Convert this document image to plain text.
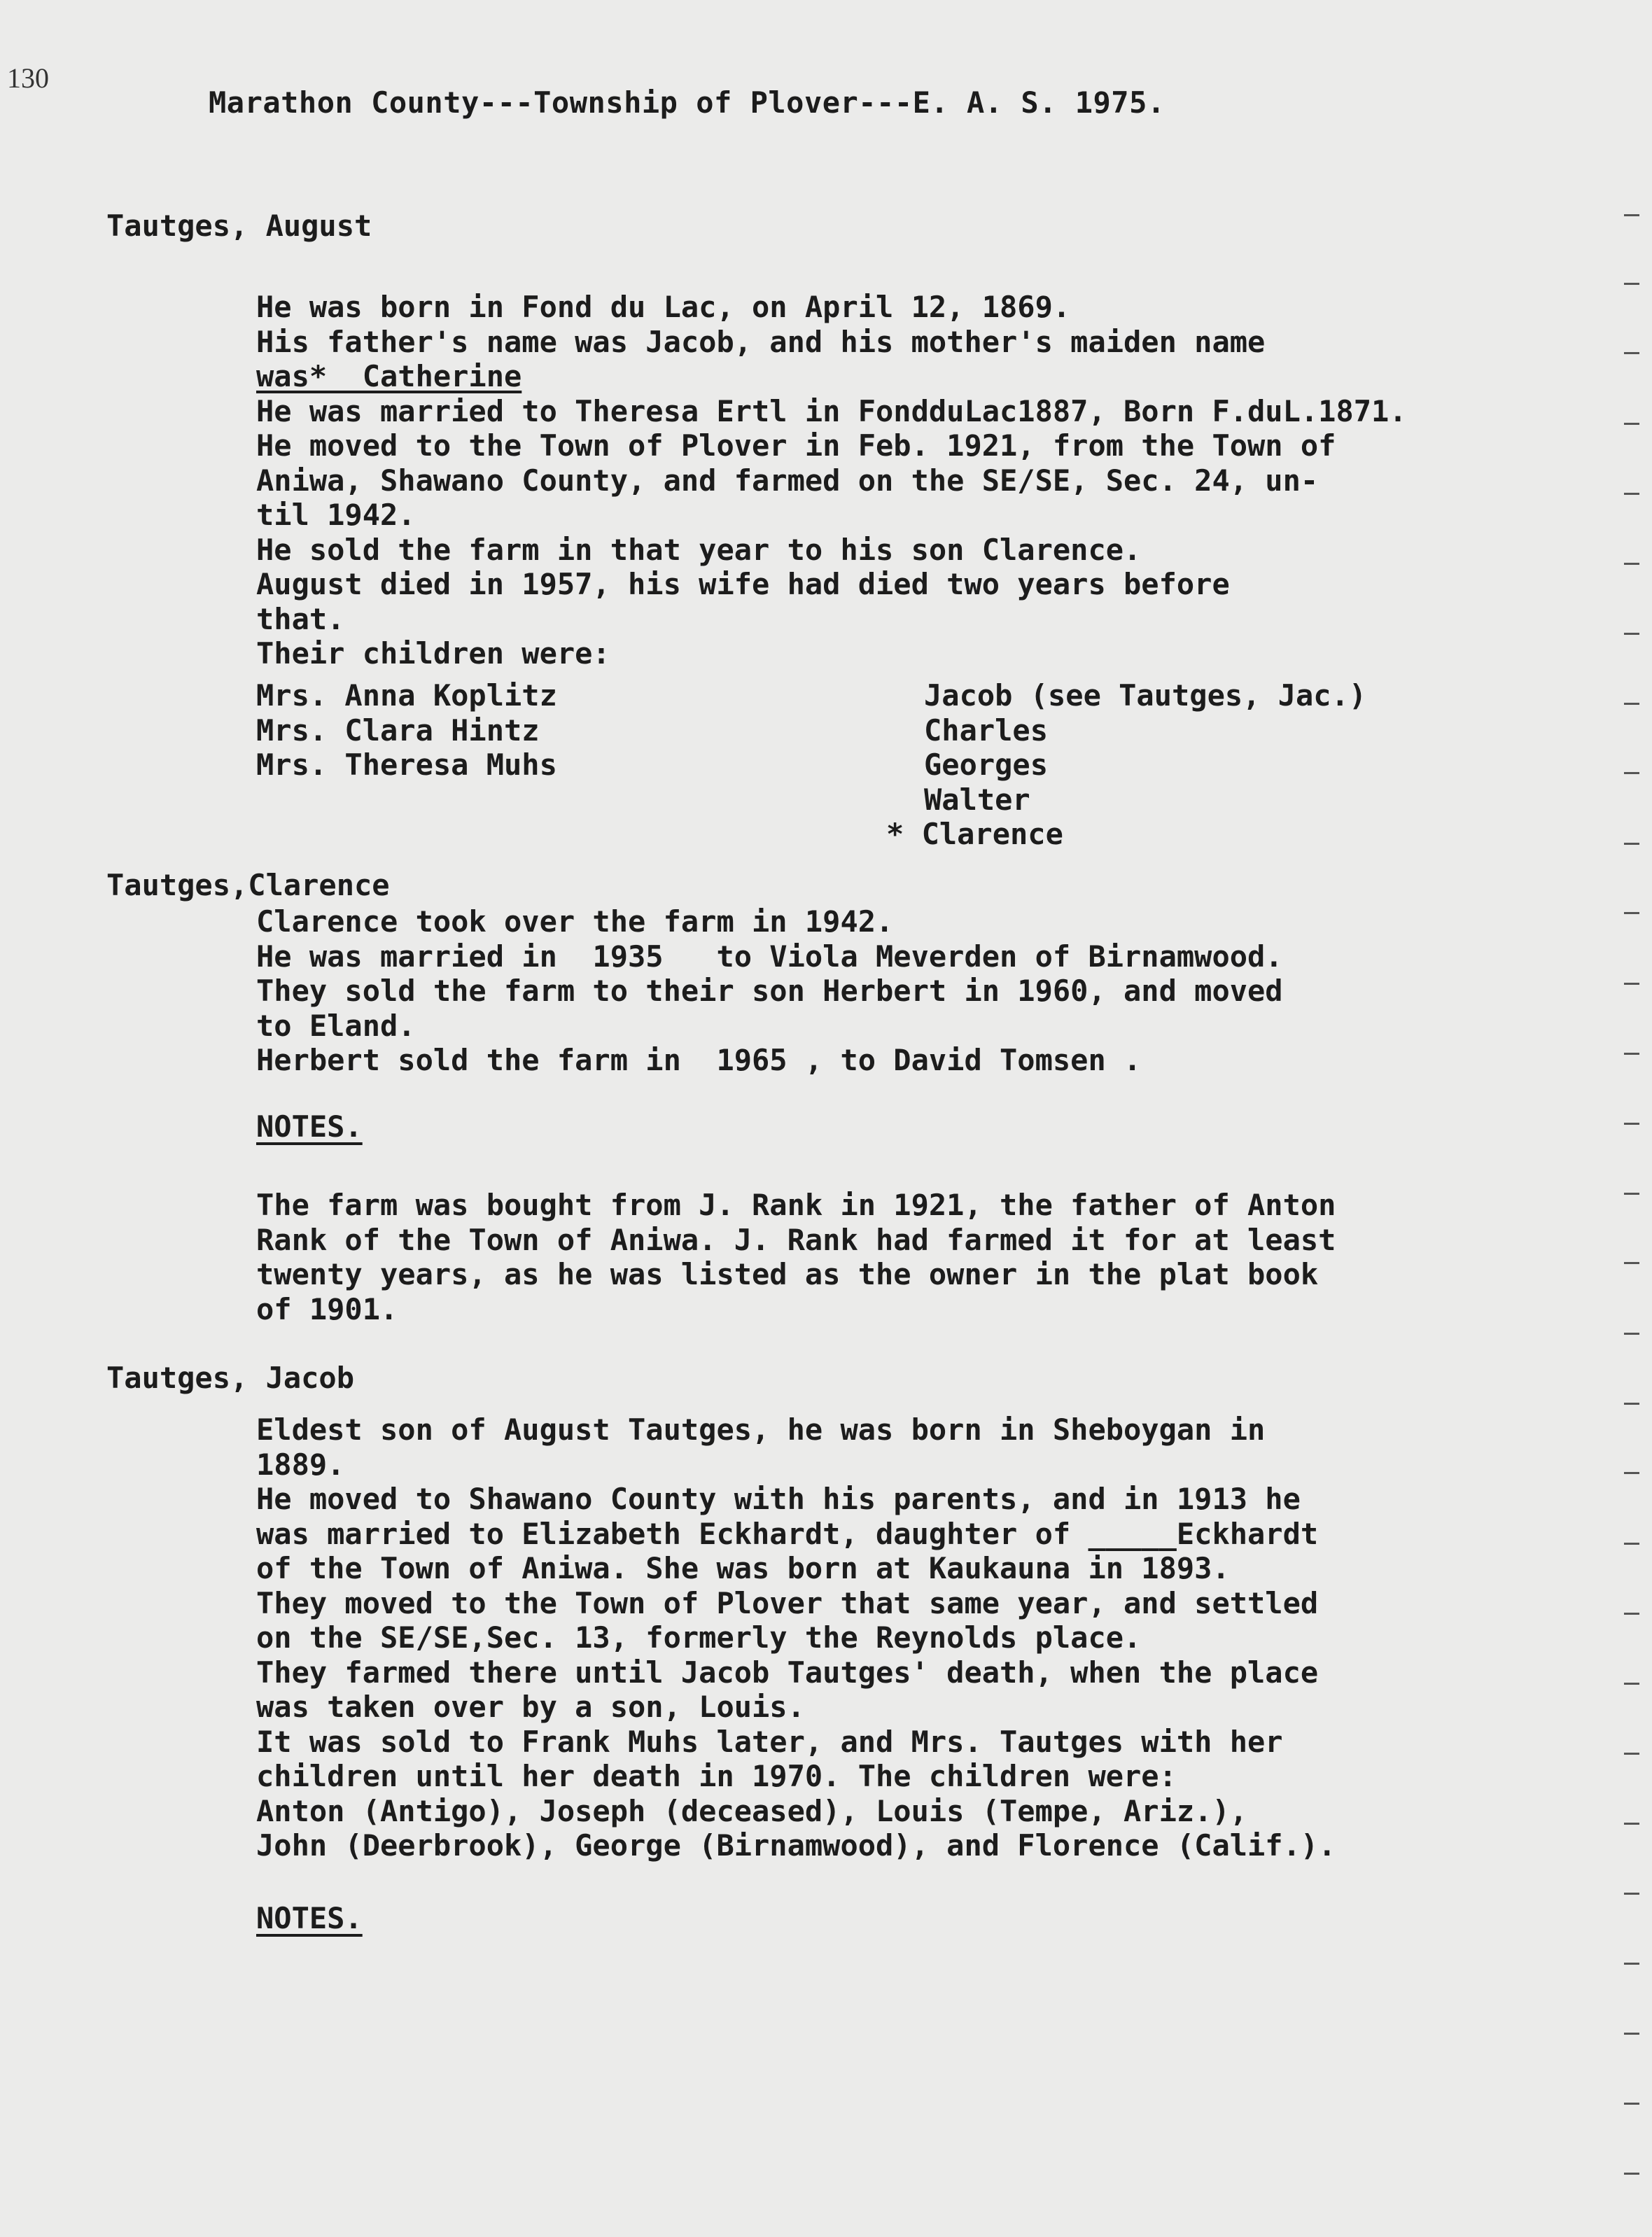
130
Marathon County---Township of Plover---E. A. S. 1975.
Tautges, August
He was born in Fond du Lac, on April 12, 1869.
His father's name was Jacob, and his mother's maiden name
was*  Catherine
He was married to Theresa Ertl in FondduLac1887, Born F.duL.1871.
He moved to the Town of Plover in Feb. 1921, from the Town of
Aniwa, Shawano County, and farmed on the SE/SE, Sec. 24, un-
til 1942.
He sold the farm in that year to his son Clarence.
August died in 1957, his wife had died two years before
that.
Their children were:
Mrs. Anna Koplitz
Mrs. Clara Hintz
Mrs. Theresa Muhs
Jacob (see Tautges, Jac.)
Charles
Georges
Walter
* Clarence
Tautges,Clarence
Clarence took over the farm in 1942.
He was married in  1935   to Viola Meverden of Birnamwood.
They sold the farm to their son Herbert in 1960, and moved
to Eland.
Herbert sold the farm in  1965 , to David Tomsen .
NOTES.
The farm was bought from J. Rank in 1921, the father of Anton
Rank of the Town of Aniwa. J. Rank had farmed it for at least
twenty years, as he was listed as the owner in the plat book
of 1901.
Tautges, Jacob
Eldest son of August Tautges, he was born in Sheboygan in
1889.
He moved to Shawano County with his parents, and in 1913 he
was married to Elizabeth Eckhardt, daughter of _____Eckhardt
of the Town of Aniwa. She was born at Kaukauna in 1893.
They moved to the Town of Plover that same year, and settled
on the SE/SE,Sec. 13, formerly the Reynolds place.
They farmed there until Jacob Tautges' death, when the place
was taken over by a son, Louis.
It was sold to Frank Muhs later, and Mrs. Tautges with her
children until her death in 1970. The children were:
Anton (Antigo), Joseph (deceased), Louis (Tempe, Ariz.),
John (Deerbrook), George (Birnamwood), and Florence (Calif.).
NOTES.
